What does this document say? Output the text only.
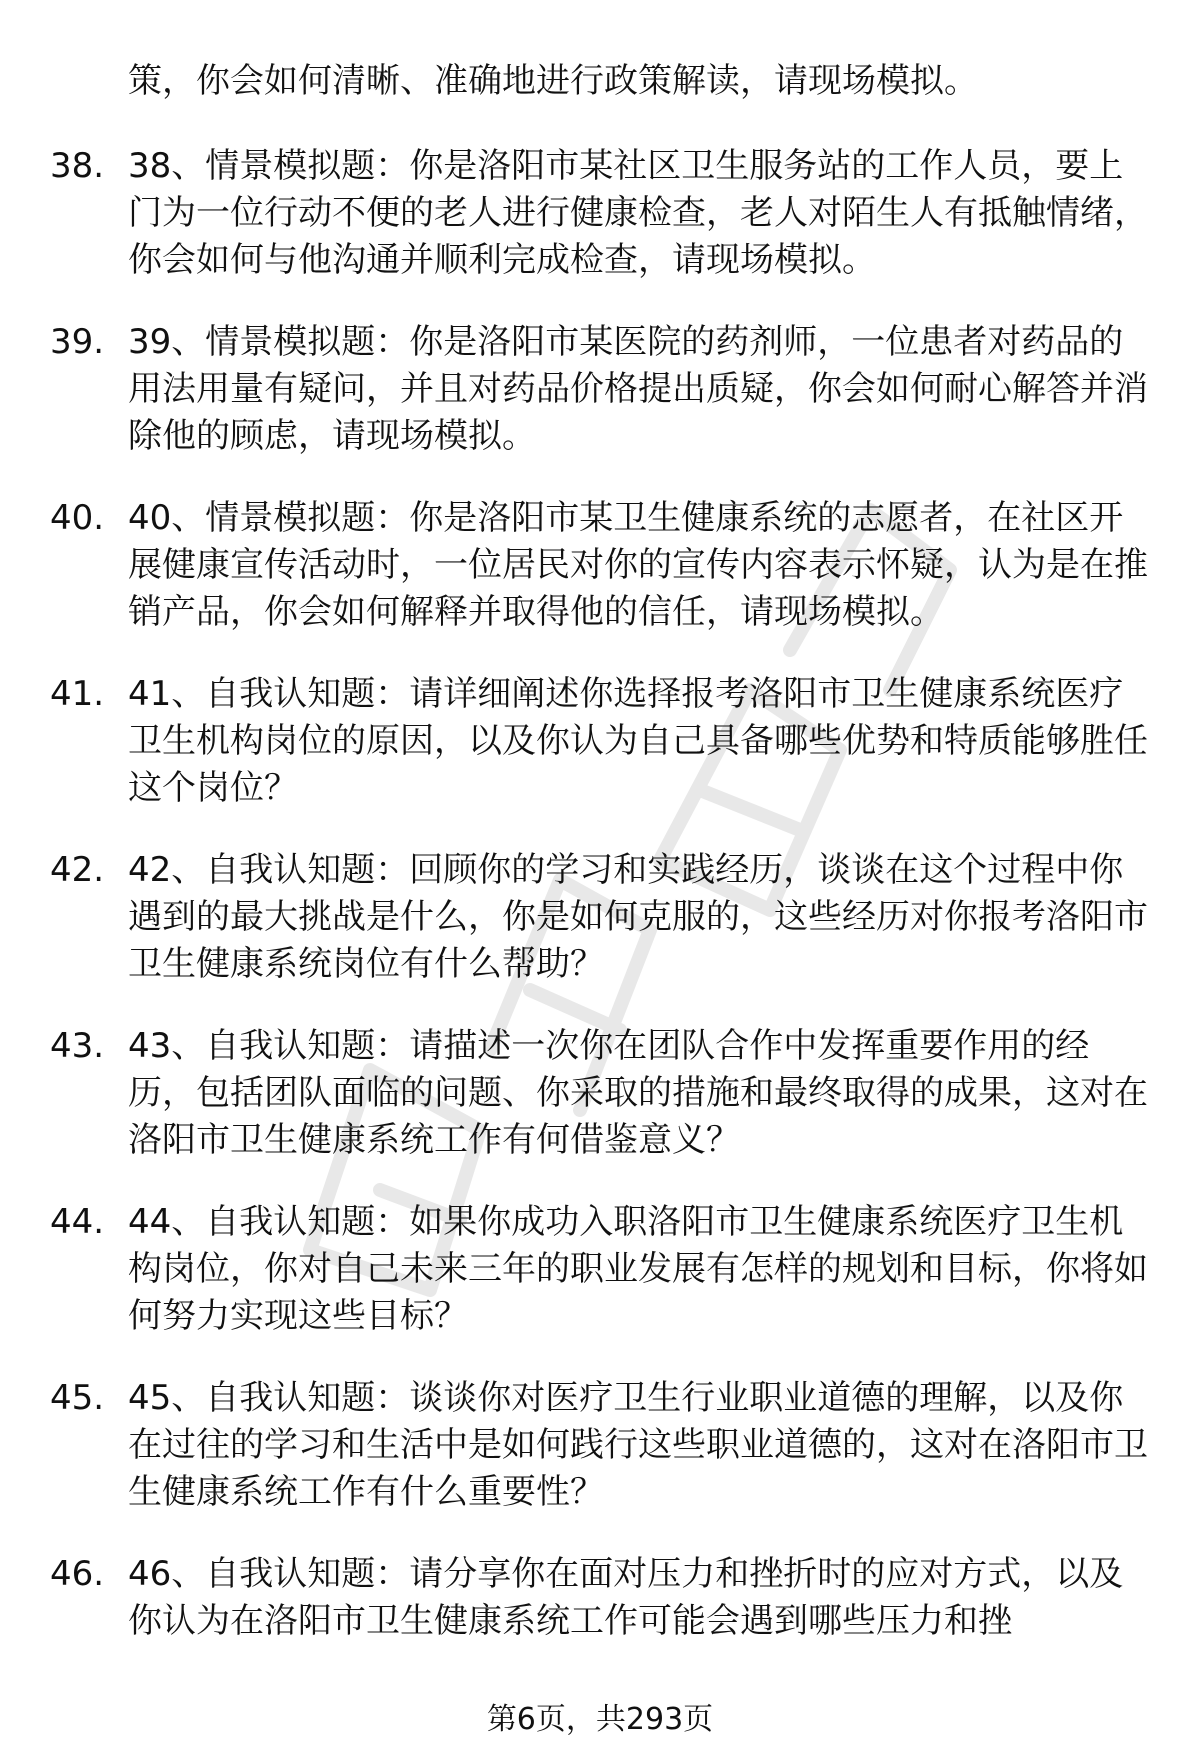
策，你会如何清晰、准确地进行政策解读，请现场模拟。
38. 38、情景模拟题：你是洛阳市某社区卫生服务站的工作人员，要上门为一位行动不便的老人进行健康检查，老人对陌生人有抵触情绪，你会如何与他沟通并顺利完成检查，请现场模拟。
39. 39、情景模拟题：你是洛阳市某医院的药剂师，一位患者对药品的用法用量有疑问，并且对药品价格提出质疑，你会如何耐心解答并消除他的顾虑，请现场模拟。
40. 40、情景模拟题：你是洛阳市某卫生健康系统的志愿者，在社区开展健康宣传活动时，一位居民对你的宣传内容表示怀疑，认为是在推销产品，你会如何解释并取得他的信任，请现场模拟。
41. 41、自我认知题：请详细阐述你选择报考洛阳市卫生健康系统医疗卫生机构岗位的原因，以及你认为自己具备哪些优势和特质能够胜任这个岗位？
42. 42、自我认知题：回顾你的学习和实践经历，谈谈在这个过程中你遇到的最大挑战是什么，你是如何克服的，这些经历对你报考洛阳市卫生健康系统岗位有什么帮助？
43. 43、自我认知题：请描述一次你在团队合作中发挥重要作用的经历，包括团队面临的问题、你采取的措施和最终取得的成果，这对在洛阳市卫生健康系统工作有何借鉴意义？
44. 44、自我认知题：如果你成功入职洛阳市卫生健康系统医疗卫生机构岗位，你对自己未来三年的职业发展有怎样的规划和目标，你将如何努力实现这些目标？
45. 45、自我认知题：谈谈你对医疗卫生行业职业道德的理解，以及你在过往的学习和生活中是如何践行这些职业道德的，这对在洛阳市卫生健康系统工作有什么重要性？
46. 46、自我认知题：请分享你在面对压力和挫折时的应对方式，以及你认为在洛阳市卫生健康系统工作可能会遇到哪些压力和挫
第6页，共293页
